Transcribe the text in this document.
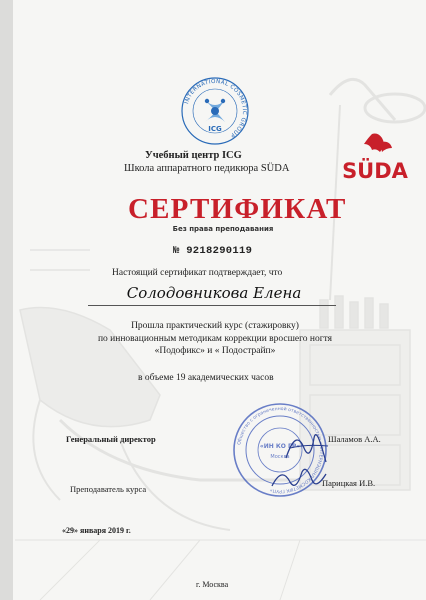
INTERNATIONAL COSMETIC GROUP
ICG
SÜDA
Учебный центр ICG
Школа аппаратного педикюра SÜDA
СЕРТИФИКАТ
Без права преподавания
№ 9218290119
Настоящий сертификат подтверждает, что
Солодовникова Елена
Прошла практический курс (стажировку)
по инновационным методикам коррекции вросшего ногтя
«Подофикс» и « Подострайп»
в объеме 19 академических часов
Общество с ограниченной ответственностью «ИНТЕРНЭШНЛ КОСМЕТИК ГРУП»
«ИН КО ГР»
Москва
Генеральный директор	Шаламов А.А.
Преподаватель курса
Парицкая И.В.
«29» января 2019 г.
г. Москва
